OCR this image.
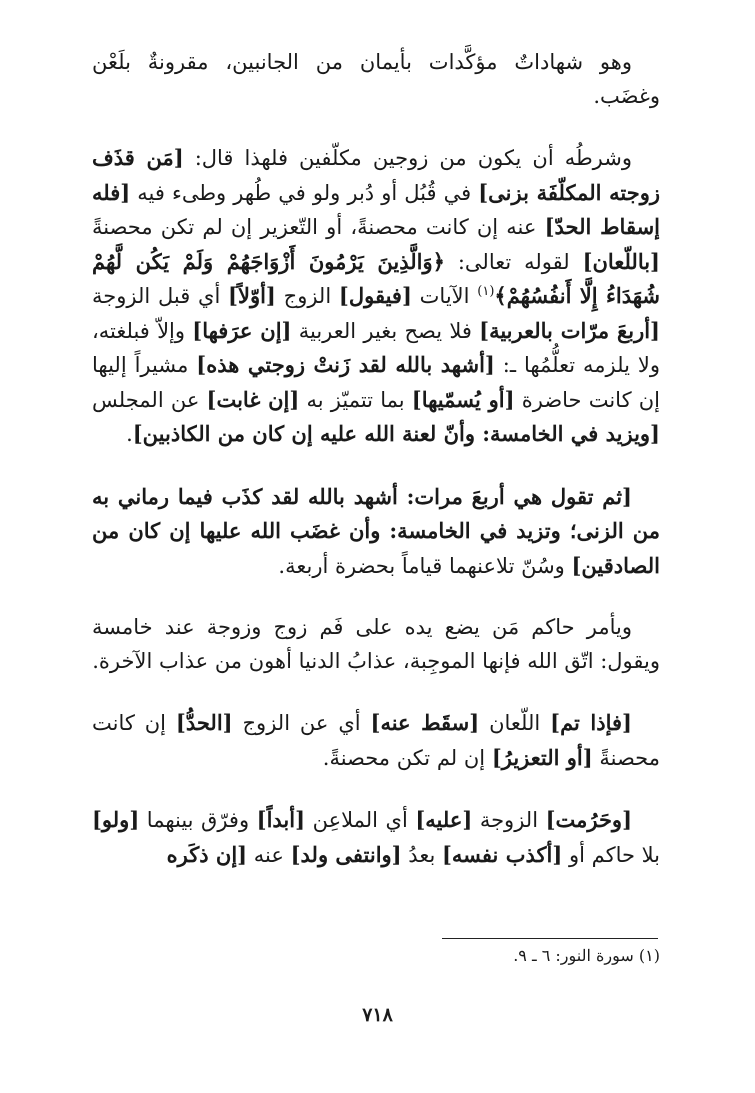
وهو شهاداتٌ مؤكَّدات بأيمان من الجانبين، مقرونةٌ بلَعْن وغضَب.

وشرطُه أن يكون من زوجين مكلّفين فلهذا قال: [مَن قذَف زوجته المكلّفَة بزنى] في قُبُل أو دُبر ولو في طُهر وطىء فيه [فله إسقاط الحدّ] عنه إن كانت محصنةً، أو التّعزير إن لم تكن محصنةً [باللّعان] لقوله تعالى: ﴿وَالَّذِينَ يَرْمُونَ أَزْوَاجَهُمْ وَلَمْ يَكُن لَّهُمْ شُهَدَاءُ إِلَّا أَنفُسُهُمْ﴾$^{(١)}$ الآيات [فيقول] الزوج [أوّلاً] أي قبل الزوجة [أربعَ مرّات بالعربية] فلا يصح بغير العربية [إن عرَفها] وإلاّ فبلغته، ولا يلزمه تعلُّمُها ـ: [أشهد بالله لقد زَنتْ زوجتي هذه] مشيراً إليها إن كانت حاضرة [أو يُسمّيها] بما تتميّز به [إن غابت] عن المجلس [ويزيد في الخامسة: وأنّ لعنة الله عليه إن كان من الكاذبين].

[ثم تقول هي أربعَ مرات: أشهد بالله لقد كذَب فيما رماني به من الزنى؛ وتزيد في الخامسة: وأن غضَب الله عليها إن كان من الصادقين] وسُنّ تلاعنهما قياماً بحضرة أربعة.

ويأمر حاكم مَن يضع يده على فَم زوج وزوجة عند خامسة ويقول: اتّق الله فإنها الموجِبة، عذابُ الدنيا أهون من عذاب الآخرة.

[فإذا تم] اللّعان [سقَط عنه] أي عن الزوج [الحدُّ] إن كانت محصنةً [أو التعزيرُ] إن لم تكن محصنةً.

[وحَرُمت] الزوجة [عليه] أي الملاعِن [أبداً] وفرّق بينهما [ولو] بلا حاكم أو [أكذب نفسه] بعدُ [وانتفى ولد] عنه [إن ذكَره

(١) سورة النور: ٦ ـ ٩.
٧١٨
